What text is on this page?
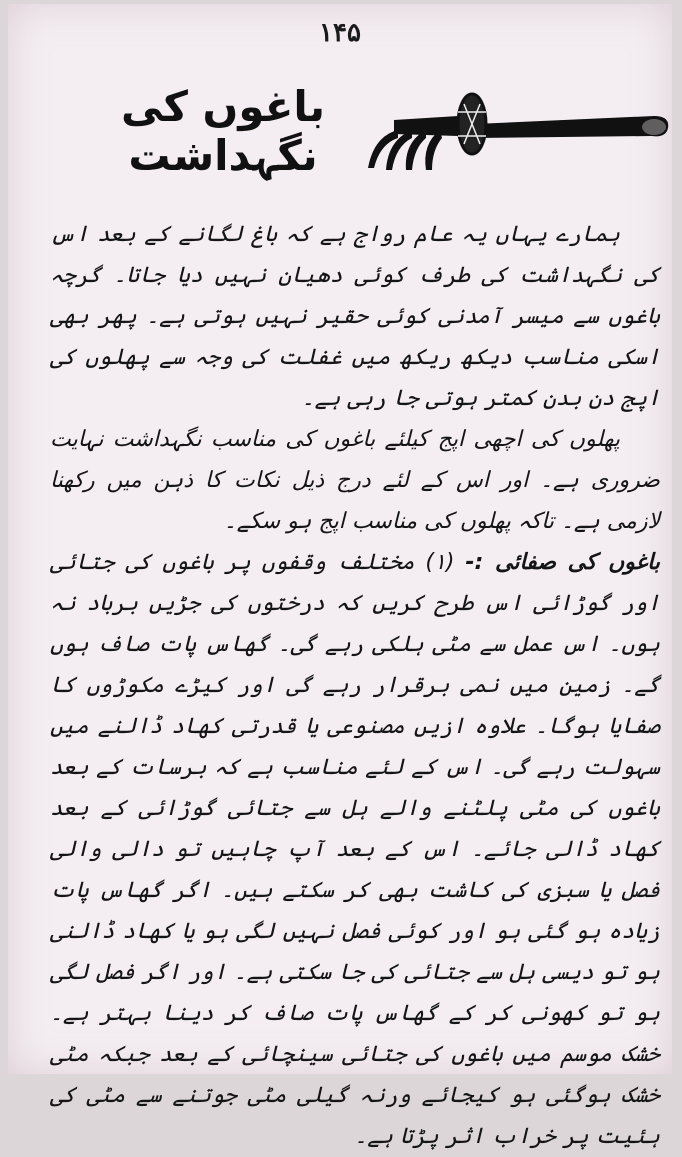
۱۴۵
باغوں کی نگہداشت

ہمارے یہاں یہ عام رواج ہے کہ باغ لگانے کے بعد اس کی نگہداشت کی طرف کوئی دھیان نہیں دیا جاتا۔ گرچہ باغوں سے میسر آمدنی کوئی حقیر نہیں ہوتی ہے۔ پھر بھی اسکی مناسب دیکھ ریکھ میں غفلت کی وجہ سے پھلوں کی اپج دن بدن کمتر ہوتی جا رہی ہے۔

پھلوں کی اچھی اپج کیلئے باغوں کی مناسب نگہداشت نہایت ضروری ہے۔ اور اس کے لئے درج ذیل نکات کا ذہن میں رکھنا لازمی ہے۔ تاکہ پھلوں کی مناسب اپج ہو سکے۔

باغوں کی صفائی :- (۱) مختلف وقفوں پر باغوں کی جتائی اور گوڑائی اس طرح کریں کہ درختوں کی جڑیں برباد نہ ہوں۔ اس عمل سے مٹی ہلکی رہے گی۔ گھاس پات صاف ہوں گے۔ زمین میں نمی برقرار رہے گی اور کیڑے مکوڑوں کا صفایا ہوگا۔ علاوہ ازیں مصنوعی یا قدرتی کھاد ڈالنے میں سہولت رہے گی۔ اس کے لئے مناسب ہے کہ برسات کے بعد باغوں کی مٹی پلٹنے والے ہل سے جتائی گوڑائی کے بعد کھاد ڈالی جائے۔ اس کے بعد آپ چاہیں تو دالی والی فصل یا سبزی کی کاشت بھی کر سکتے ہیں۔ اگر گھاس پات زیادہ ہو گئی ہو اور کوئی فصل نہیں لگی ہو یا کھاد ڈالنی ہو تو دیسی ہل سے جتائی کی جا سکتی ہے۔ اور اگر فصل لگی ہو تو کھونی کر کے گھاس پات صاف کر دینا بہتر ہے۔ خشک موسم میں باغوں کی جتائی سینچائی کے بعد جبکہ مٹی خشک ہوگئی ہو کیجائے ورنہ گیلی مٹی جوتنے سے مٹی کی ہئیت پر خراب اثر پڑتا ہے۔
